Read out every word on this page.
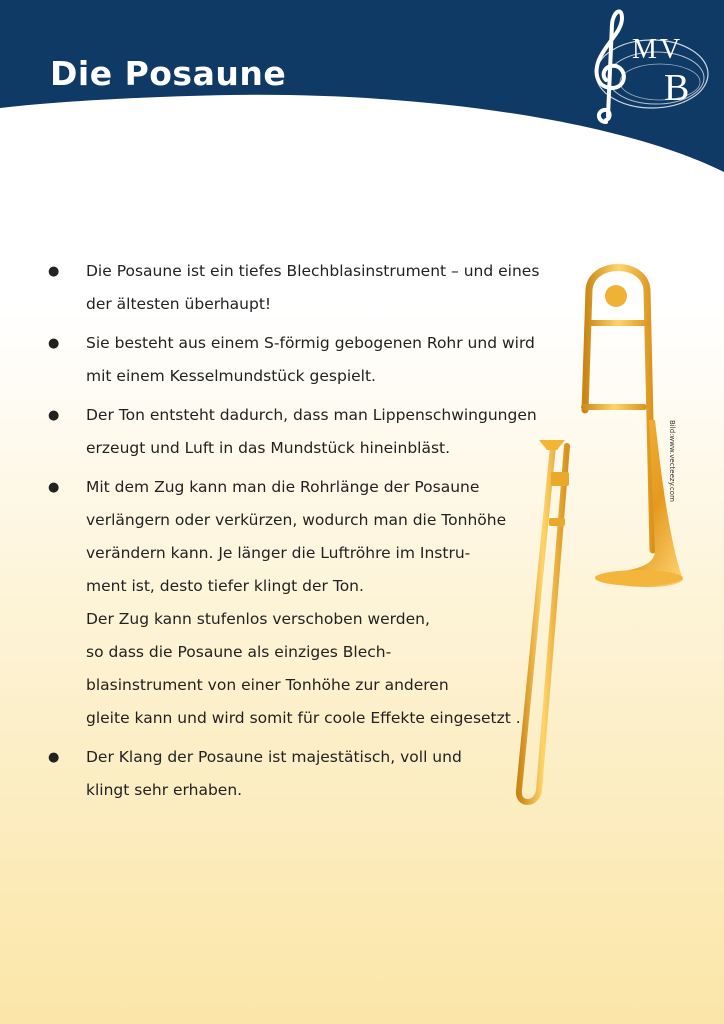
Die Posaune
MV
B
Bild:www.vecteezy.com
● Die Posaune ist ein tiefes Blechblasinstrument – und eines
der ältesten überhaupt!
● Sie besteht aus einem S-förmig gebogenen Rohr und wird
mit einem Kesselmundstück gespielt.
● Der Ton entsteht dadurch, dass man Lippenschwingungen
erzeugt und Luft in das Mundstück hineinbläst.
● Mit dem Zug kann man die Rohrlänge der Posaune
verlängern oder verkürzen, wodurch man die Tonhöhe
verändern kann. Je länger die Luftröhre im Instru-
ment ist, desto tiefer klingt der Ton.
Der Zug kann stufenlos verschoben werden,
so dass die Posaune als einziges Blech-
blasinstrument von einer Tonhöhe zur anderen
gleite kann und wird somit für coole Effekte eingesetzt .
● Der Klang der Posaune ist majestätisch, voll und
klingt sehr erhaben.
